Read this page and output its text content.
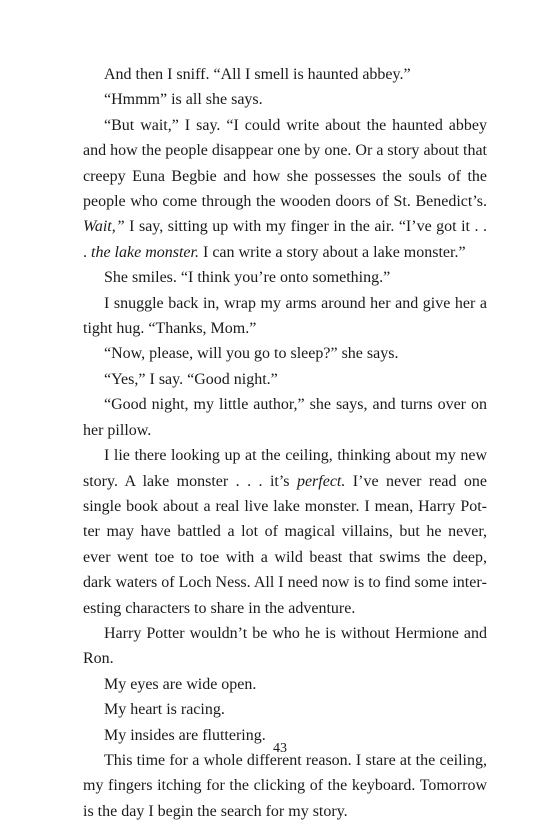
And then I sniff. “All I smell is haunted abbey.”

“Hmmm” is all she says.

“But wait,” I say. “I could write about the haunted abbey and how the people disappear one by one. Or a story about that creepy Euna Begbie and how she possesses the souls of the people who come through the wooden doors of St. Benedict’s. Wait,” I say, sitting up with my finger in the air. “I’ve got it . . . the lake monster. I can write a story about a lake monster.”

She smiles. “I think you’re onto something.”

I snuggle back in, wrap my arms around her and give her a tight hug. “Thanks, Mom.”

“Now, please, will you go to sleep?” she says.

“Yes,” I say. “Good night.”

“Good night, my little author,” she says, and turns over on her pillow.

I lie there looking up at the ceiling, thinking about my new story. A lake monster . . . it’s perfect. I’ve never read one single book about a real live lake monster. I mean, Harry Potter may have battled a lot of magical villains, but he never, ever went toe to toe with a wild beast that swims the deep, dark waters of Loch Ness. All I need now is to find some interesting characters to share in the adventure.

Harry Potter wouldn’t be who he is without Hermione and Ron.

My eyes are wide open.

My heart is racing.

My insides are fluttering.

This time for a whole different reason. I stare at the ceiling, my fingers itching for the clicking of the keyboard. Tomorrow is the day I begin the search for my story.

43
